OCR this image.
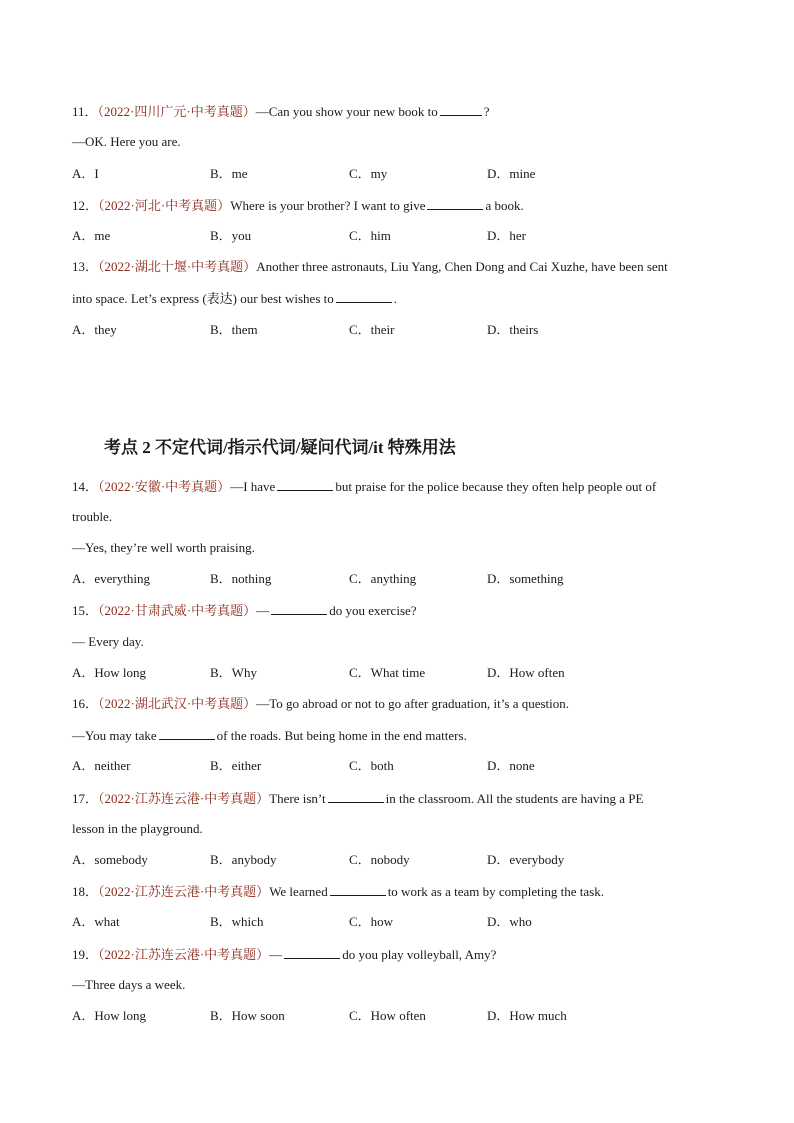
11．（2022·四川广元·中考真题）—Can you show your new book to	?
—OK. Here you are.
A．I	B．me	C．my	D．mine
12．（2022·河北·中考真题）Where is your brother? I want to give	a book.
A．me	B．you	C．him	D．her
13．（2022·湖北十堰·中考真题）Another three astronauts, Liu Yang, Chen Dong and Cai Xuzhe, have been sent
into space. Let’s express (表达) our best wishes to	.
A．they	B．them	C．their	D．theirs
考点 2 不定代词/指示代词/疑问代词/it 特殊用法
14．（2022·安徽·中考真题）—I have	but praise for the police because they often help people out of
trouble.
—Yes, they’re well worth praising.
A．everything	B．nothing	C．anything	D．something
15．（2022·甘肃武威·中考真题）—	do you exercise?
— Every day.
A．How long	B．Why	C．What time	D．How often
16．（2022·湖北武汉·中考真题）—To go abroad or not to go after graduation, it’s a question.
—You may take	of the roads. But being home in the end matters.
A．neither	B．either	C．both	D．none
17．（2022·江苏连云港·中考真题）There isn’t	in the classroom. All the students are having a PE
lesson in the playground.
A．somebody	B．anybody	C．nobody	D．everybody
18．（2022·江苏连云港·中考真题）We learned	to work as a team by completing the task.
A．what	B．which	C．how	D．who
19．（2022·江苏连云港·中考真题）—	do you play volleyball, Amy?
—Three days a week.
A．How long	B．How soon	C．How often	D．How much
